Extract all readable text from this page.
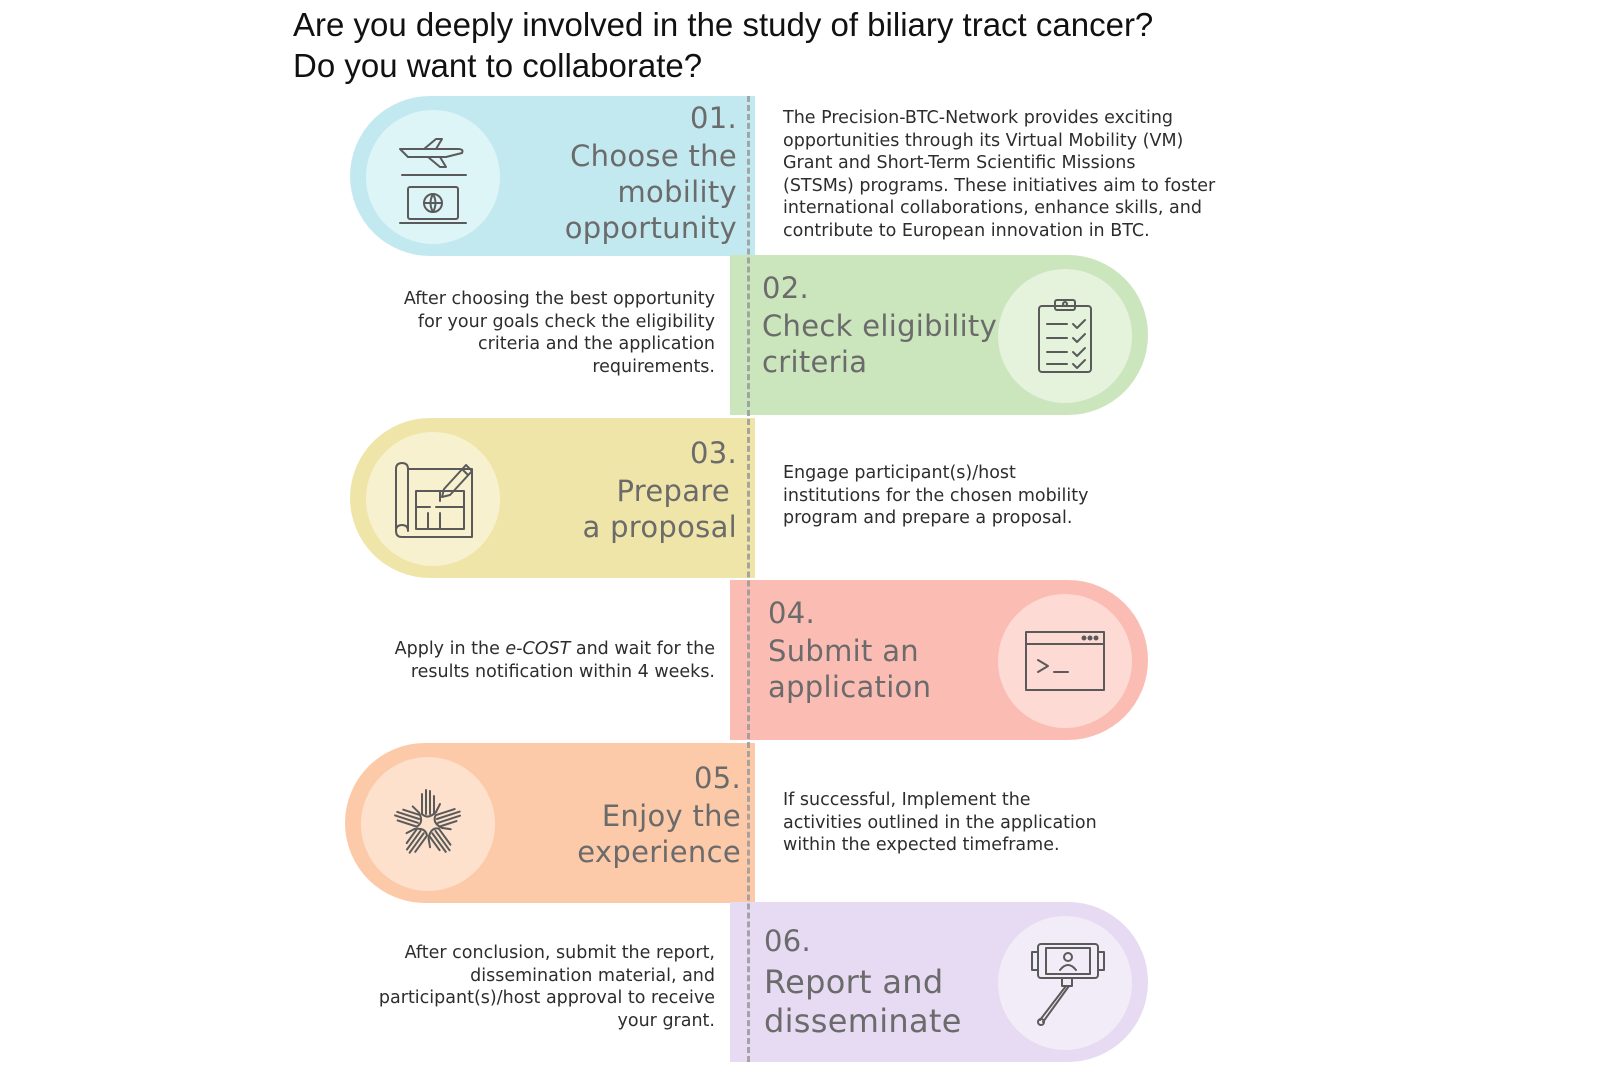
Are you deeply involved in the study of biliary tract cancer?
Do you want to collaborate?
01.
Choose the
mobility
opportunity
The Precision-BTC-Network provides exciting
opportunities through its Virtual Mobility (VM)
Grant and Short-Term Scientific Missions
(STSMs) programs. These initiatives aim to foster
international collaborations, enhance skills, and
contribute to European innovation in BTC.
02.
Check eligibility
criteria
After choosing the best opportunity
for your goals check the eligibility
criteria and the application
requirements.
03.
Prepare
a proposal
Engage participant(s)/host
institutions for the chosen mobility
program and prepare a proposal.
04.
Submit an
application
Apply in the e-COST and wait for the
results notification within 4 weeks.
05.
Enjoy the
experience
If successful, Implement the
activities outlined in the application
within the expected timeframe.
06.
Report and
disseminate
After conclusion, submit the report,
dissemination material, and
participant(s)/host approval to receive
your grant.
